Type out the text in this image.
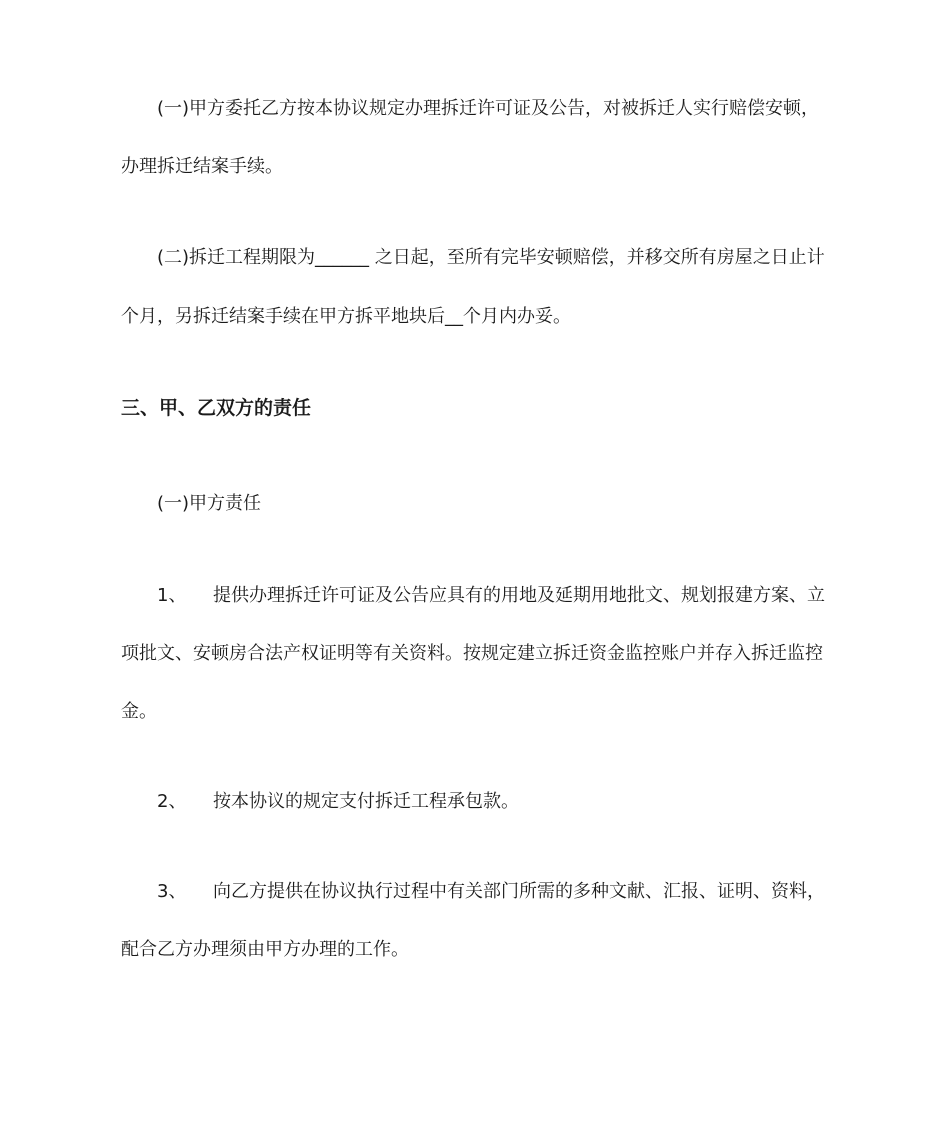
(一)甲方委托乙方按本协议规定办理拆迁许可证及公告，对被拆迁人实行赔偿安顿，
办理拆迁结案手续。
(二)拆迁工程期限为______ 之日起，至所有完毕安顿赔偿，并移交所有房屋之日止计
个月，另拆迁结案手续在甲方拆平地块后__个月内办妥。
三、甲、乙双方的责任
(一)甲方责任
1、 提供办理拆迁许可证及公告应具有的用地及延期用地批文、规划报建方案、立
项批文、安顿房合法产权证明等有关资料。按规定建立拆迁资金监控账户并存入拆迁监控
金。
2、 按本协议的规定支付拆迁工程承包款。
3、 向乙方提供在协议执行过程中有关部门所需的多种文献、汇报、证明、资料，
配合乙方办理须由甲方办理的工作。
